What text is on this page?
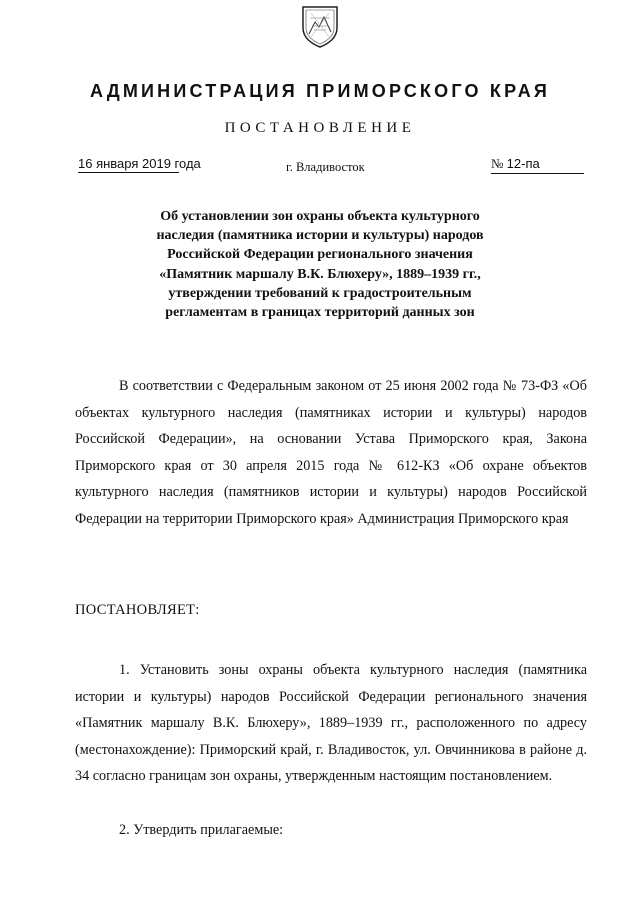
АДМИНИСТРАЦИЯ ПРИМОРСКОГО КРАЯ
ПОСТАНОВЛЕНИЕ
16 января 2019 года	г. Владивосток	№ 12-па
Об установлении зон охраны объекта культурного наследия (памятника истории и культуры) народов Российской Федерации регионального значения «Памятник маршалу В.К. Блюхеру», 1889–1939 гг., утверждении требований к градостроительным регламентам в границах территорий данных зон
В соответствии с Федеральным законом от 25 июня 2002 года № 73-ФЗ «Об объектах культурного наследия (памятниках истории и культуры) народов Российской Федерации», на основании Устава Приморского края, Закона Приморского края от 30 апреля 2015 года № 612-КЗ «Об охране объектов культурного наследия (памятников истории и культуры) народов Российской Федерации на территории Приморского края» Администрация Приморского края
ПОСТАНОВЛЯЕТ:
1. Установить зоны охраны объекта культурного наследия (памятника истории и культуры) народов Российской Федерации регионального значения «Памятник маршалу В.К. Блюхеру», 1889–1939 гг., расположенного по адресу (местонахождение): Приморский край, г. Владивосток, ул. Овчинникова в районе д. 34 согласно границам зон охраны, утвержденным настоящим постановлением.
2. Утвердить прилагаемые:
